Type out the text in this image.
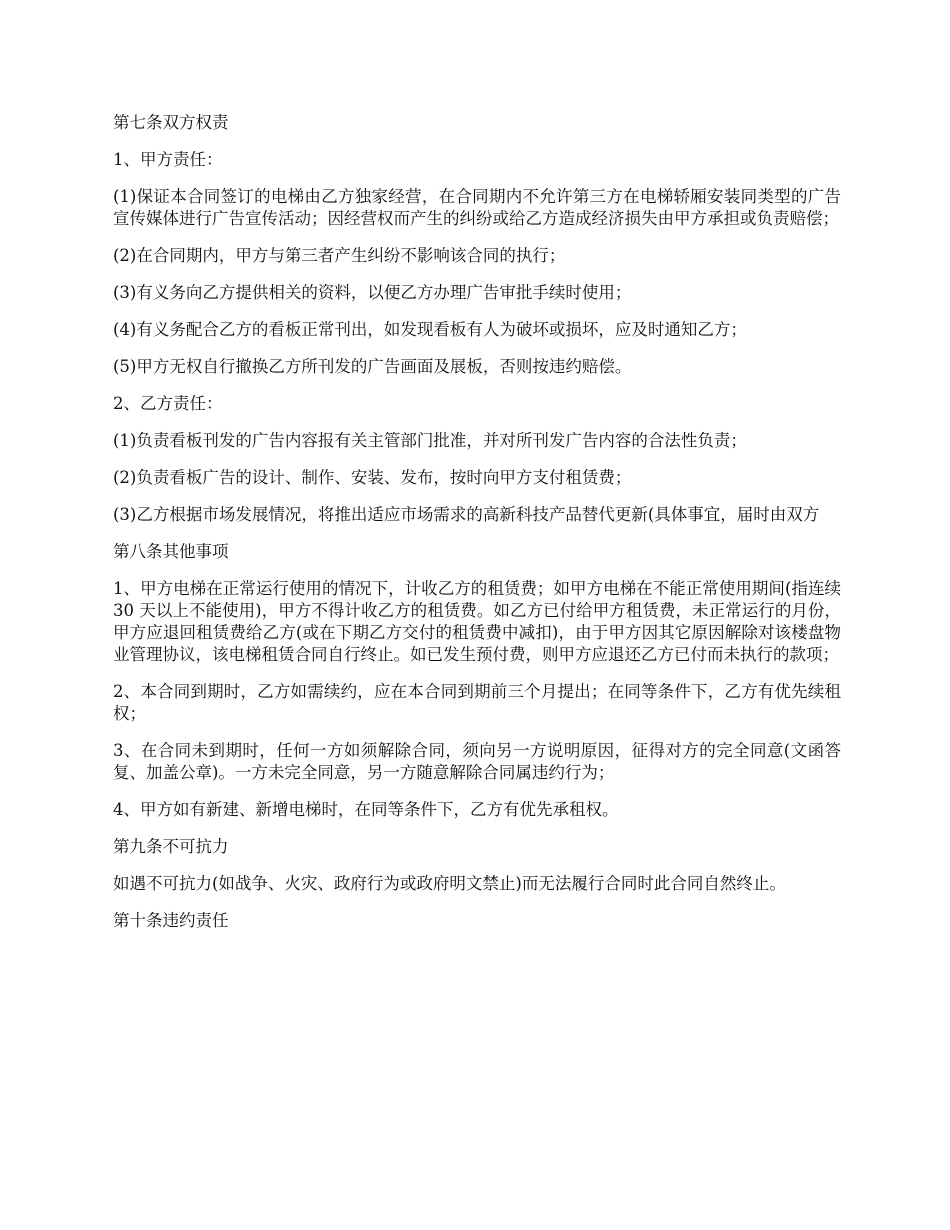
第七条双方权责

1、甲方责任：

(1)保证本合同签订的电梯由乙方独家经营，在合同期内不允许第三方在电梯轿厢安装同类型的广告宣传媒体进行广告宣传活动；因经营权而产生的纠纷或给乙方造成经济损失由甲方承担或负责赔偿；

(2)在合同期内，甲方与第三者产生纠纷不影响该合同的执行；

(3)有义务向乙方提供相关的资料，以便乙方办理广告审批手续时使用；

(4)有义务配合乙方的看板正常刊出，如发现看板有人为破坏或损坏，应及时通知乙方；

(5)甲方无权自行撤换乙方所刊发的广告画面及展板，否则按违约赔偿。

2、乙方责任：

(1)负责看板刊发的广告内容报有关主管部门批准，并对所刊发广告内容的合法性负责；

(2)负责看板广告的设计、制作、安装、发布，按时向甲方支付租赁费；

(3)乙方根据市场发展情况，将推出适应市场需求的高新科技产品替代更新(具体事宜，届时由双方

第八条其他事项

1、甲方电梯在正常运行使用的情况下，计收乙方的租赁费；如甲方电梯在不能正常使用期间(指连续 30 天以上不能使用)，甲方不得计收乙方的租赁费。如乙方已付给甲方租赁费，未正常运行的月份，甲方应退回租赁费给乙方(或在下期乙方交付的租赁费中减扣)，由于甲方因其它原因解除对该楼盘物业管理协议，该电梯租赁合同自行终止。如已发生预付费，则甲方应退还乙方已付而未执行的款项；

2、本合同到期时，乙方如需续约，应在本合同到期前三个月提出；在同等条件下，乙方有优先续租权；

3、在合同未到期时，任何一方如须解除合同，须向另一方说明原因，征得对方的完全同意(文函答复、加盖公章)。一方未完全同意，另一方随意解除合同属违约行为；

4、甲方如有新建、新增电梯时，在同等条件下，乙方有优先承租权。

第九条不可抗力

如遇不可抗力(如战争、火灾、政府行为或政府明文禁止)而无法履行合同时此合同自然终止。

第十条违约责任
